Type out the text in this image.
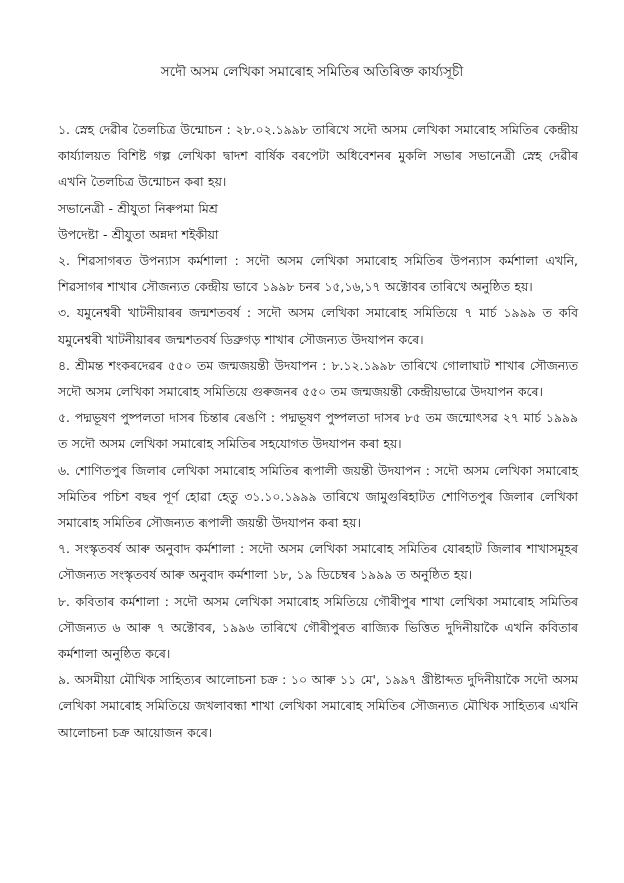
সদৌ অসম লেখিকা সমাৰোহ সমিতিৰ অতিৰিক্ত কাৰ্য্যসূচী

১. স্নেহ দেৱীৰ তৈলচিত্ৰ উন্মোচন : ২৮.০২.১৯৯৮ তাৰিখে সদৌ অসম লেখিকা সমাৰোহ সমিতিৰ কেন্দ্ৰীয় কাৰ্য্যালয়ত বিশিষ্ট গল্প লেখিকা দ্বাদশ বাৰ্ষিক বৰপেটা অধিবেশনৰ মুকলি সভাৰ সভানেত্ৰী স্নেহ দেৱীৰ এখনি তৈলচিত্ৰ উন্মোচন কৰা হয়।

সভানেত্ৰী - শ্ৰীযুতা নিৰুপমা মিশ্ৰ

উপদেষ্টা - শ্ৰীযুতা অন্নদা শইকীয়া

২. শিৱসাগৰত উপন্যাস কৰ্মশালা : সদৌ অসম লেখিকা সমাৰোহ সমিতিৰ উপন্যাস কৰ্মশালা এখনি, শিৱসাগৰ শাখাৰ সৌজন্যত কেন্দ্ৰীয় ভাবে ১৯৯৮ চনৰ ১৫,১৬,১৭ অক্টোবৰ তাৰিখে অনুষ্ঠিত হয়।

৩. যমুনেশ্বৰী খাটনীয়াৰৰ জন্মশতবৰ্ষ : সদৌ অসম লেখিকা সমাৰোহ সমিতিয়ে ৭ মাৰ্চ ১৯৯৯ ত কবি যমুনেশ্বৰী খাটনীয়াৰৰ জন্মশতবৰ্ষ ডিব্ৰুগড় শাখাৰ সৌজন্যত উদযাপন কৰে।

৪. শ্ৰীমন্ত শংকৰদেৱৰ ৫৫০ তম জন্মজয়ন্তী উদযাপন : ৮.১২.১৯৯৮ তাৰিখে গোলাঘাট শাখাৰ সৌজন্যত সদৌ অসম লেখিকা সমাৰোহ সমিতিয়ে গুৰুজনৰ ৫৫০ তম জন্মজয়ন্তী কেন্দ্ৰীয়ভাৱে উদযাপন কৰে।

৫. পদ্মভূষণ পুষ্পলতা দাসৰ চিন্তাৰ ৰেঙণি : পদ্মভূষণ পুষ্পলতা দাসৰ ৮৫ তম জন্মোৎসৱ ২৭ মাৰ্চ ১৯৯৯ ত সদৌ অসম লেখিকা সমাৰোহ সমিতিৰ সহযোগত উদযাপন কৰা হয়।

৬. শোণিতপুৰ জিলাৰ লেখিকা সমাৰোহ সমিতিৰ ৰূপালী জয়ন্তী উদযাপন : সদৌ অসম লেখিকা সমাৰোহ সমিতিৰ পচিশ বছৰ পূৰ্ণ হোৱা হেতু ৩১.১০.১৯৯৯ তাৰিখে জামুগুৰিহাটত শোণিতপুৰ জিলাৰ লেখিকা সমাৰোহ সমিতিৰ সৌজন্যত ৰূপালী জয়ন্তী উদযাপন কৰা হয়।

৭. সংস্কৃতবৰ্ষ আৰু অনুবাদ কৰ্মশালা : সদৌ অসম লেখিকা সমাৰোহ সমিতিৰ যোৰহাট জিলাৰ শাখাসমূহৰ সৌজন্যত সংস্কৃতবৰ্ষ আৰু অনুবাদ কৰ্মশালা ১৮, ১৯ ডিচেম্বৰ ১৯৯৯ ত অনুষ্ঠিত হয়।

৮. কবিতাৰ কৰ্মশালা : সদৌ অসম লেখিকা সমাৰোহ সমিতিয়ে গৌৰীপুৰ শাখা লেখিকা সমাৰোহ সমিতিৰ সৌজন্যত ৬ আৰু ৭ অক্টোবৰ, ১৯৯৬ তাৰিখে গৌৰীপুৰত ৰাজ্যিক ভিত্তিত দুদিনীয়াকৈ এখনি কবিতাৰ কৰ্মশালা অনুষ্ঠিত কৰে।

৯. অসমীয়া মৌখিক সাহিত্যৰ আলোচনা চক্ৰ : ১০ আৰু ১১ মে', ১৯৯৭ খ্ৰীষ্টাব্দত দুদিনীয়াকৈ সদৌ অসম লেখিকা সমাৰোহ সমিতিয়ে জখলাবন্ধা শাখা লেখিকা সমাৰোহ সমিতিৰ সৌজন্যত মৌখিক সাহিত্যৰ এখনি আলোচনা চক্ৰ আয়োজন কৰে।
